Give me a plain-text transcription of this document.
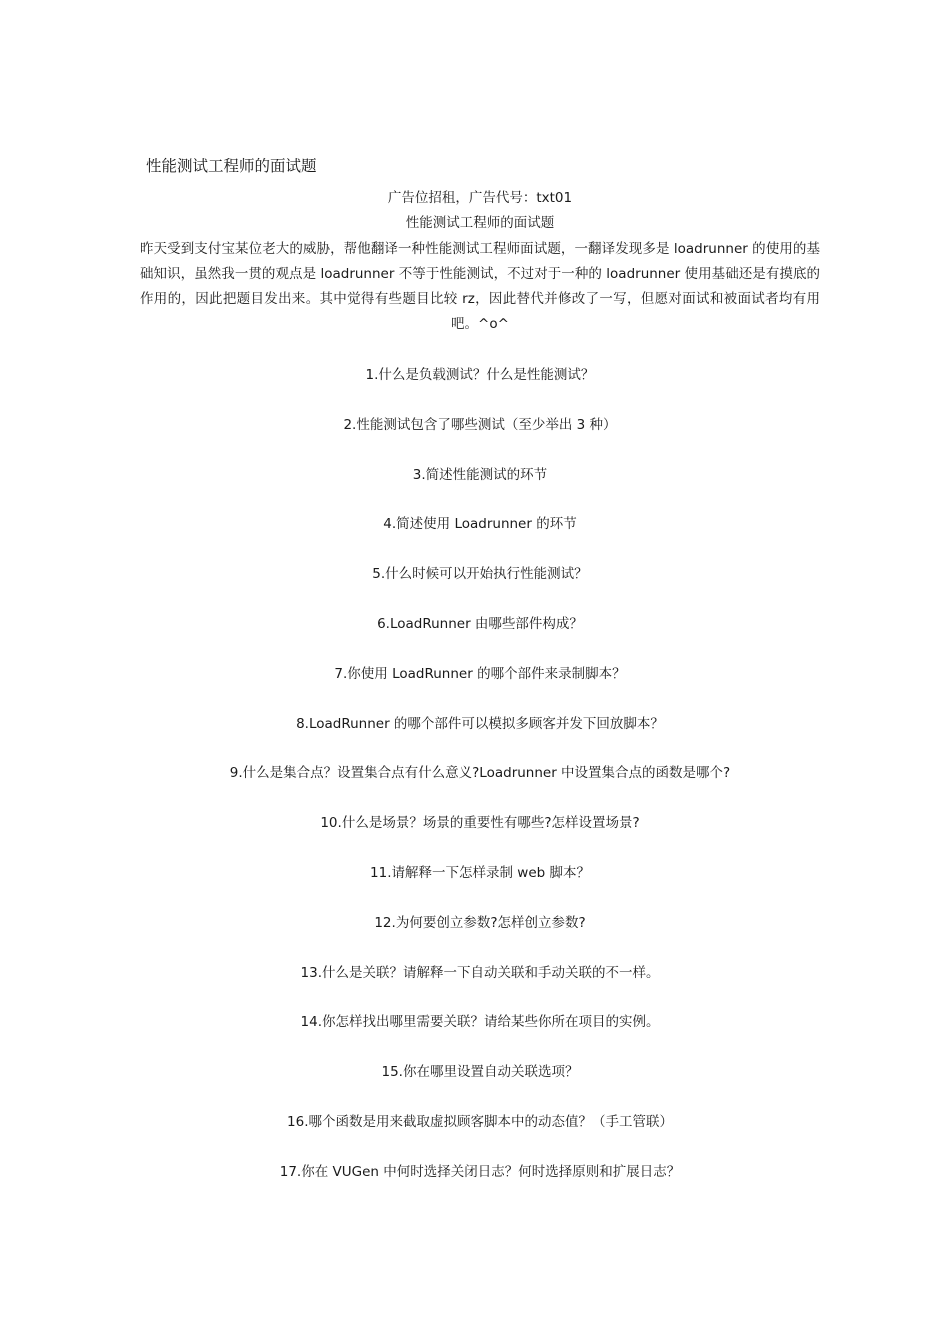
性能测试工程师的面试题
广告位招租，广告代号：txt01
性能测试工程师的面试题
昨天受到支付宝某位老大的威胁，帮他翻译一种性能测试工程师面试题，一翻译发现多是 loadrunner 的使用的基础知识，虽然我一贯的观点是 loadrunner 不等于性能测试，不过对于一种的 loadrunner 使用基础还是有摸底的作用的，因此把题目发出来。其中觉得有些题目比较 rz，因此替代并修改了一写，但愿对面试和被面试者均有用吧。^o^
1.什么是负载测试？什么是性能测试？
2.性能测试包含了哪些测试（至少举出 3 种）
3.简述性能测试的环节
4.简述使用 Loadrunner 的环节
5.什么时候可以开始执行性能测试？
6.LoadRunner 由哪些部件构成？
7.你使用 LoadRunner 的哪个部件来录制脚本？
8.LoadRunner 的哪个部件可以模拟多顾客并发下回放脚本？
9.什么是集合点？设置集合点有什么意义?Loadrunner 中设置集合点的函数是哪个?
10.什么是场景？场景的重要性有哪些?怎样设置场景?
11.请解释一下怎样录制 web 脚本？
12.为何要创立参数?怎样创立参数?
13.什么是关联？请解释一下自动关联和手动关联的不一样。
14.你怎样找出哪里需要关联？请给某些你所在项目的实例。
15.你在哪里设置自动关联选项？
16.哪个函数是用来截取虚拟顾客脚本中的动态值？（手工管联）
17.你在 VUGen 中何时选择关闭日志？何时选择原则和扩展日志？
